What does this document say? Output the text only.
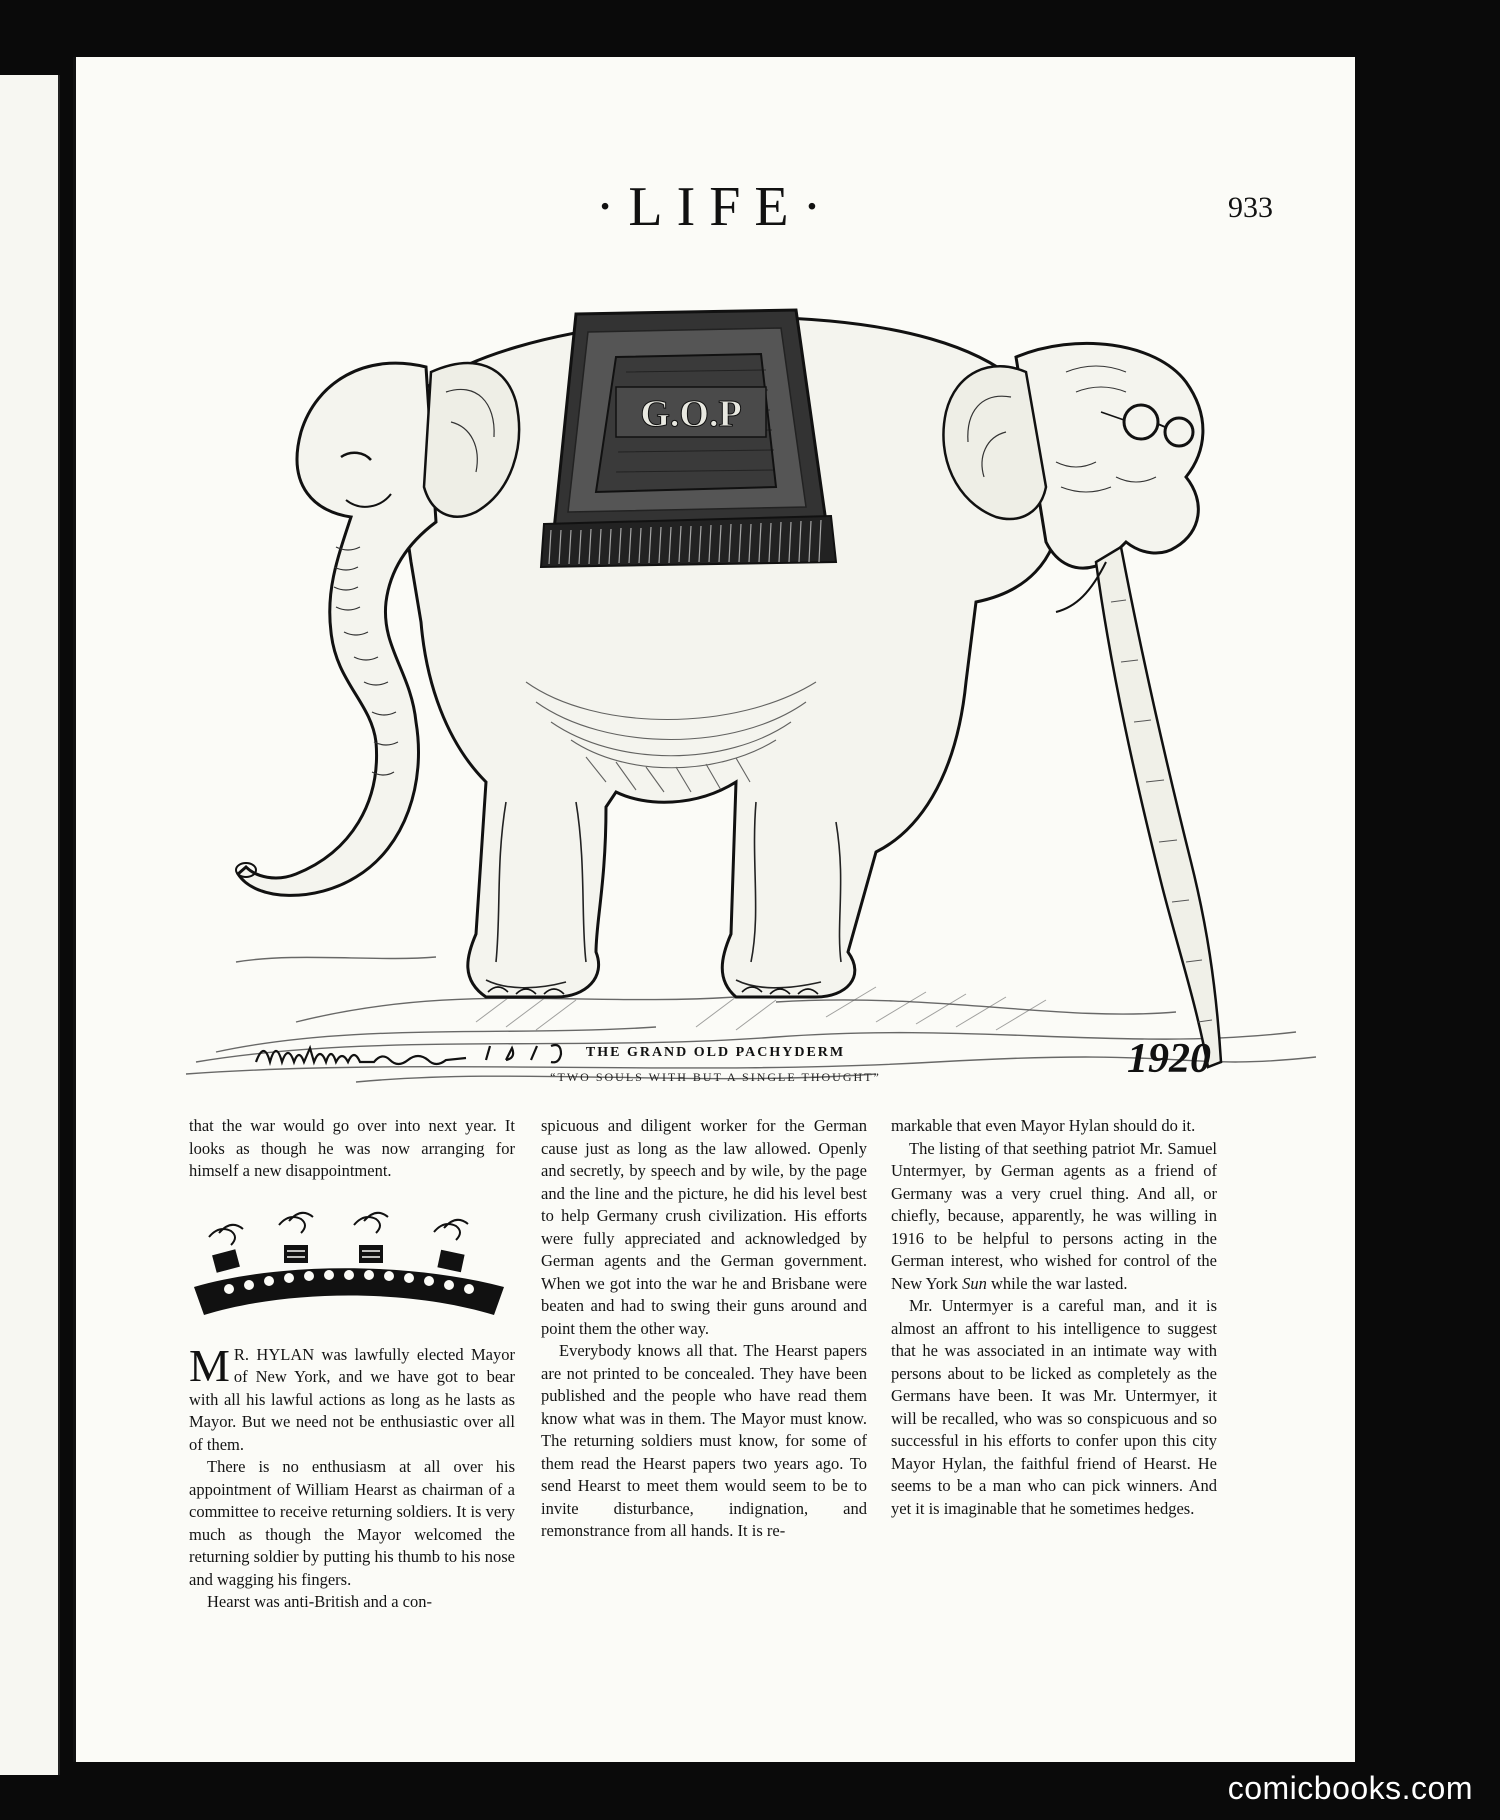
·LIFE·	933
G.O.P
1920
THE GRAND OLD PACHYDERM
“TWO SOULS WITH BUT A SINGLE THOUGHT”

that the war would go over into next year. It looks as though he was now arranging for himself a new disappointment.

M R. HYLAN was lawfully elected Mayor of New York, and we have got to bear with all his lawful actions as long as he lasts as Mayor. But we need not be enthusiastic over all of them.

There is no enthusiasm at all over his appointment of William Hearst as chairman of a committee to receive returning soldiers. It is very much as though the Mayor welcomed the returning soldier by putting his thumb to his nose and wagging his fingers.

Hearst was anti-British and a con-

spicuous and diligent worker for the German cause just as long as the law allowed. Openly and secretly, by speech and by wile, by the page and the line and the picture, he did his level best to help Germany crush civilization. His efforts were fully appreciated and acknowledged by German agents and the German government. When we got into the war he and Brisbane were beaten and had to swing their guns around and point them the other way.

Everybody knows all that. The Hearst papers are not printed to be concealed. They have been published and the people who have read them know what was in them. The Mayor must know. The returning soldiers must know, for some of them read the Hearst papers two years ago. To send Hearst to meet them would seem to be to invite disturbance, indignation, and remonstrance from all hands. It is re-

markable that even Mayor Hylan should do it.

The listing of that seething patriot Mr. Samuel Untermyer, by German agents as a friend of Germany was a very cruel thing. And all, or chiefly, because, apparently, he was willing in 1916 to be helpful to persons acting in the German interest, who wished for control of the New York Sun while the war lasted.

Mr. Untermyer is a careful man, and it is almost an affront to his intelligence to suggest that he was associated in an intimate way with persons about to be licked as completely as the Germans have been. It was Mr. Untermyer, it will be recalled, who was so conspicuous and so successful in his efforts to confer upon this city Mayor Hylan, the faithful friend of Hearst. He seems to be a man who can pick winners. And yet it is imaginable that he sometimes hedges.

comicbooks.com
